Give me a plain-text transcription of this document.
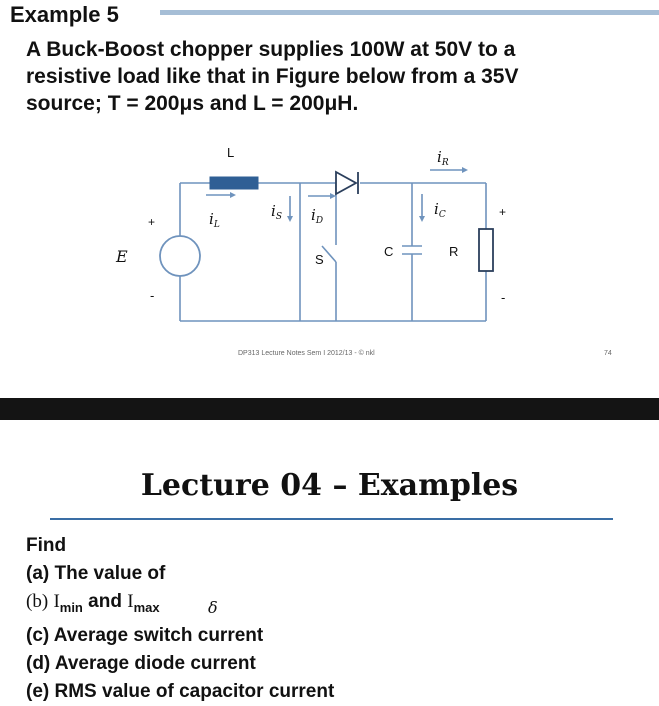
Example 5
A Buck-Boost chopper supplies 100W at 50V to a
resistive load like that in Figure below from a 35V
source; T = 200μs and L = 200μH.
L
S
C	R
+
-
+
-
E
$i_R$
$i_L$
$i_S$ $i_D$
$i_C$
DP313 Lecture Notes Sem I 2012/13 - © nkl	74
Lecture 04 – Examples
Find
(a) The value of
(b) $I_{min}$ and $I_{max}$
(c) Average switch current
(d) Average diode current
(e) RMS value of capacitor current
δ
